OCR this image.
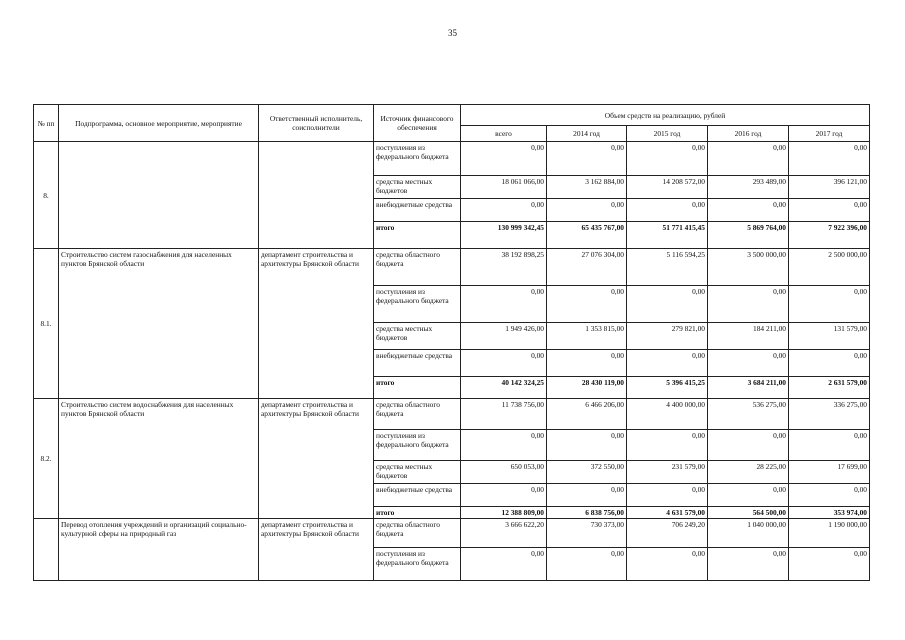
35
№ пп	Подпрограмма, основное мероприятие, мероприятие	Ответственный исполнитель, соисполнители	Источник финансового обеспечения	Объем средств на реализацию, рублей				
				всего	2014 год	2015 год	2016 год	2017 год
8.			поступления из федерального бюджета	0,00	0,00	0,00	0,00	0,00
			средства местных бюджетов	18 061 066,00	3 162 884,00	14 208 572,00	293 489,00	396 121,00
			внебюджетные средства	0,00	0,00	0,00	0,00	0,00
			итого	130 999 342,45	65 435 767,00	51 771 415,45	5 869 764,00	7 922 396,00
8.1.	Строительство систем газоснабжения для населенных пунктов Брянской области	департамент строительства и архитектуры Брянской области	средства областного бюджета	38 192 898,25	27 076 304,00	5 116 594,25	3 500 000,00	2 500 000,00
			поступления из федерального бюджета	0,00	0,00	0,00	0,00	0,00
			средства местных бюджетов	1 949 426,00	1 353 815,00	279 821,00	184 211,00	131 579,00
			внебюджетные средства	0,00	0,00	0,00	0,00	0,00
			итого	40 142 324,25	28 430 119,00	5 396 415,25	3 684 211,00	2 631 579,00
8.2.	Строительство систем водоснабжения для населенных пунктов Брянской области	департамент строительства и архитектуры Брянской области	средства областного бюджета	11 738 756,00	6 466 206,00	4 400 000,00	536 275,00	336 275,00
			поступления из федерального бюджета	0,00	0,00	0,00	0,00	0,00
			средства местных бюджетов	650 053,00	372 550,00	231 579,00	28 225,00	17 699,00
			внебюджетные средства	0,00	0,00	0,00	0,00	0,00
			итого	12 388 809,00	6 838 756,00	4 631 579,00	564 500,00	353 974,00
	Перевод отопления учреждений и организаций социально-культурной сферы на природный газ	департамент строительства и архитектуры Брянской области	средства областного бюджета	3 666 622,20	730 373,00	706 249,20	1 040 000,00	1 190 000,00
			поступления из федерального бюджета	0,00	0,00	0,00	0,00	0,00
